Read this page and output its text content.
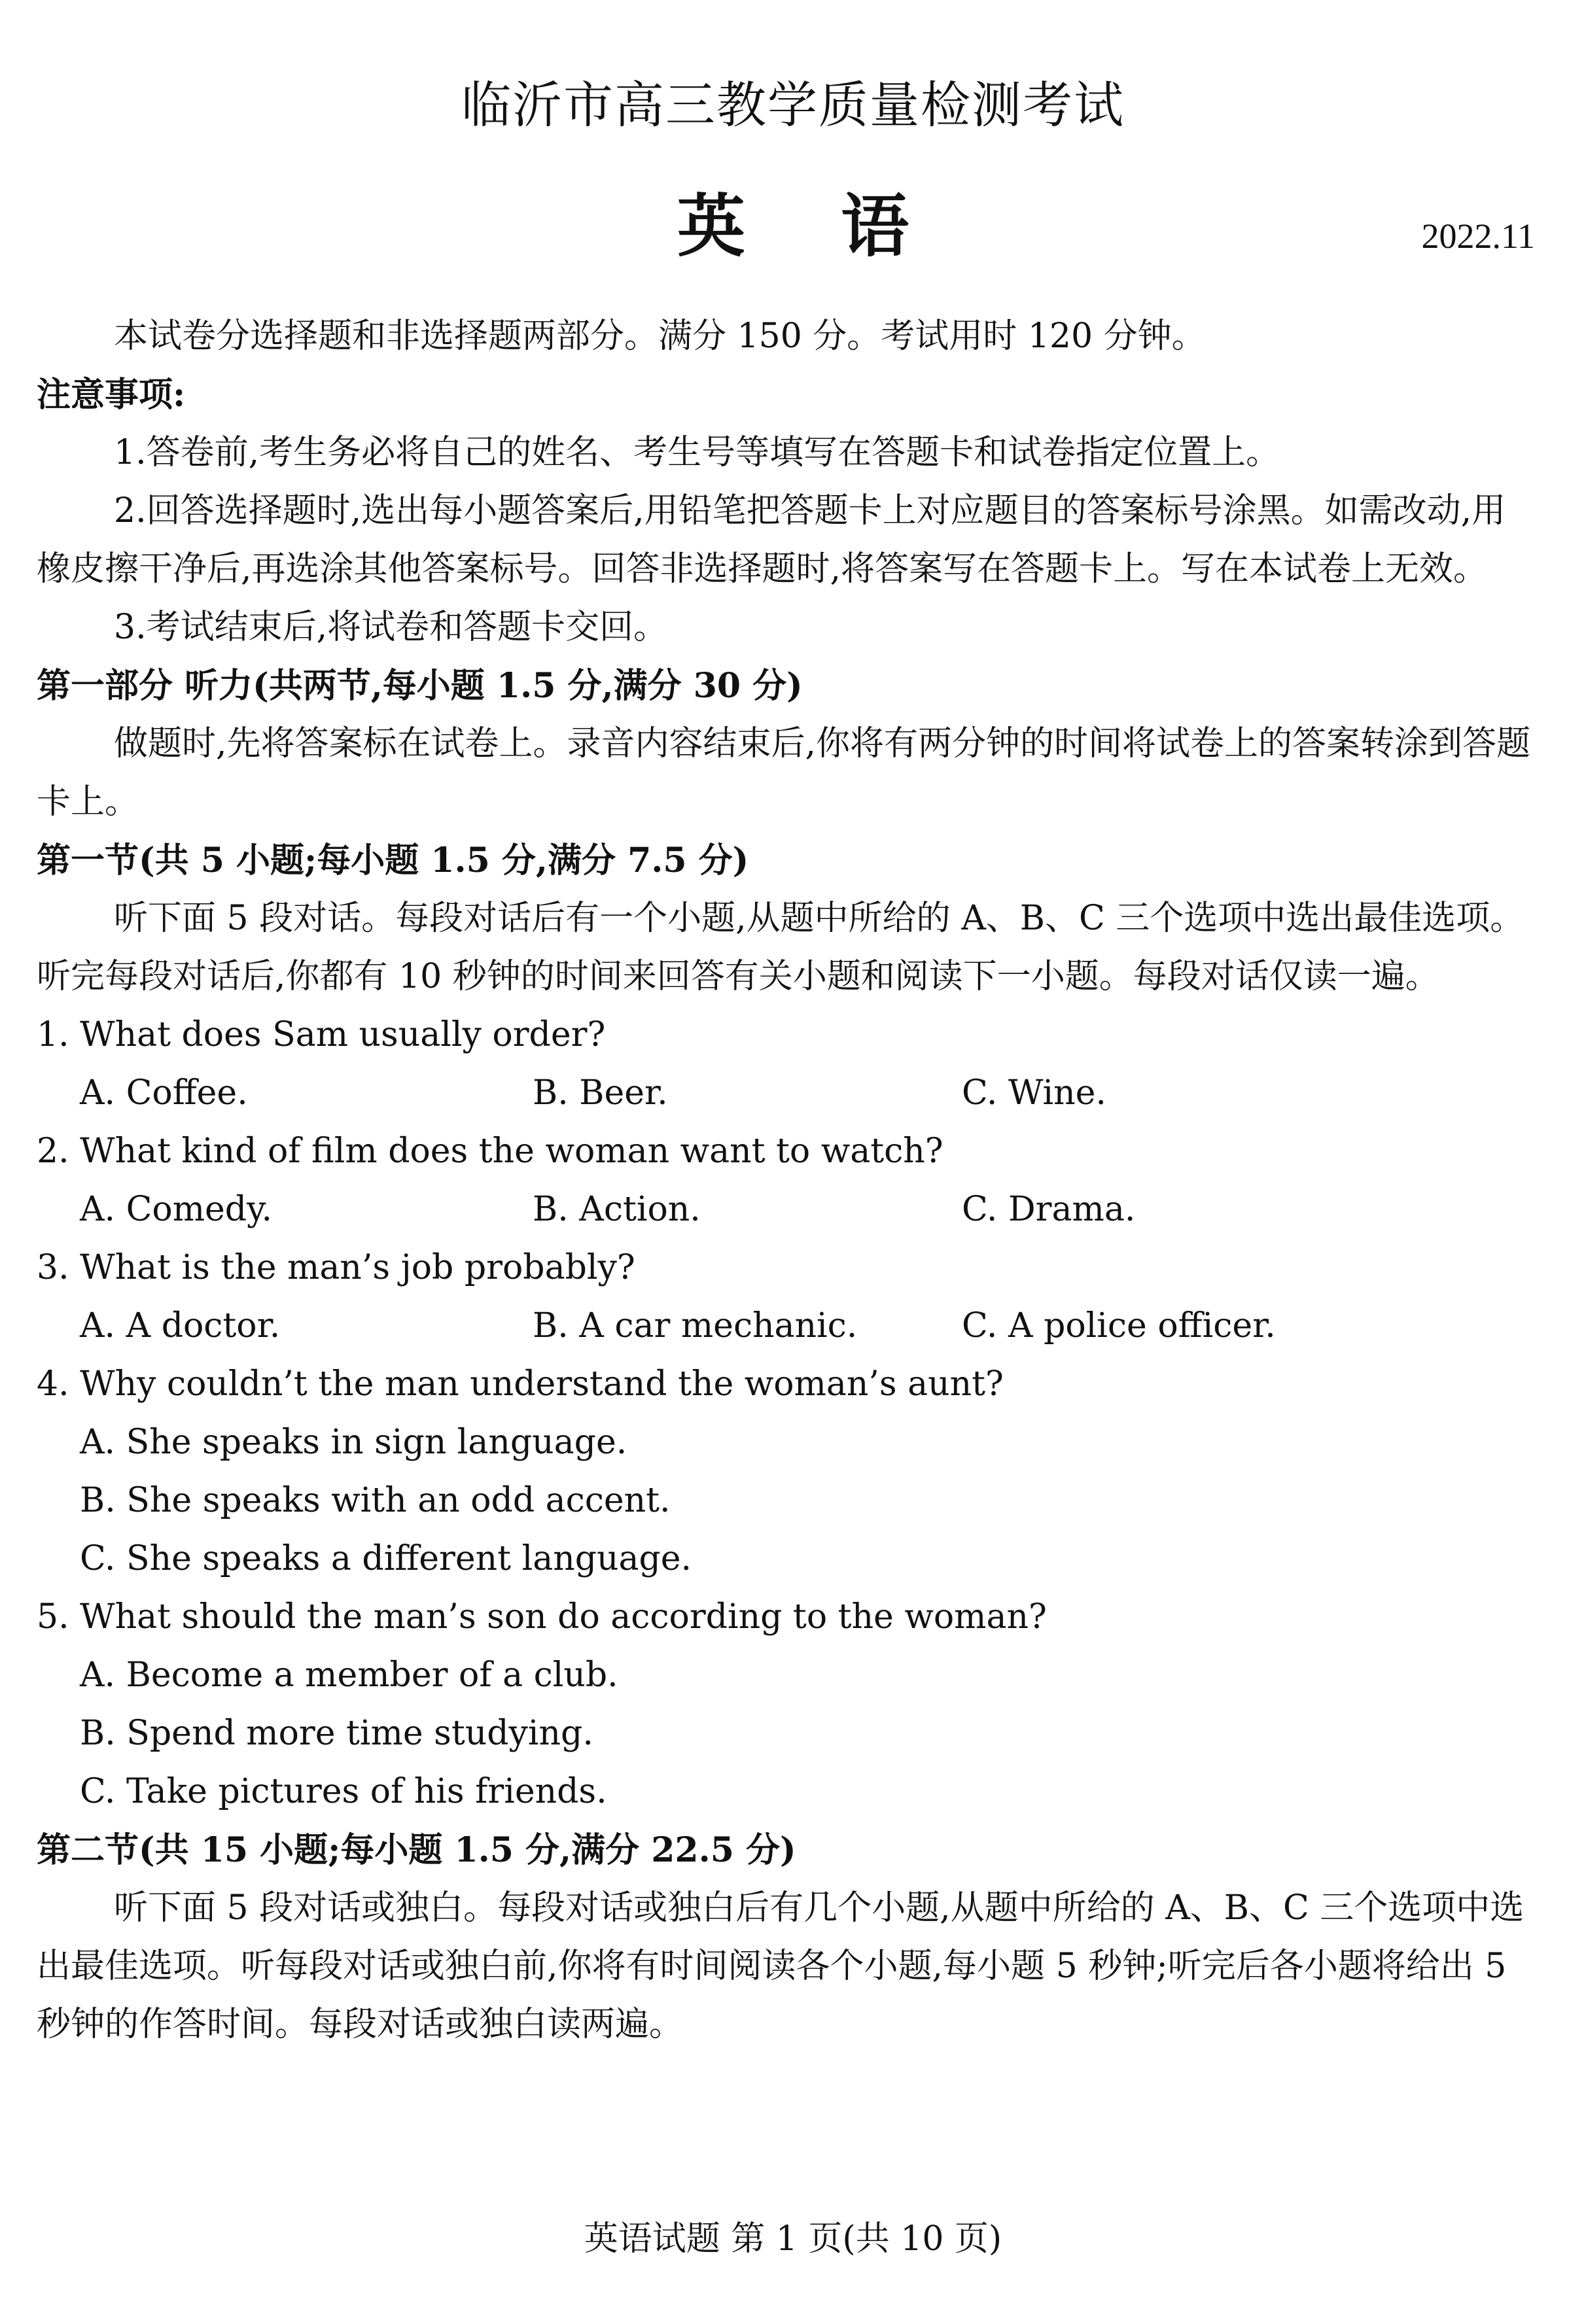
临沂市高三教学质量检测考试
英 语	2022.11

本试卷分选择题和非选择题两部分。满分 150 分。考试用时 120 分钟。

注意事项:

1.答卷前,考生务必将自己的姓名、考生号等填写在答题卡和试卷指定位置上。

2.回答选择题时,选出每小题答案后,用铅笔把答题卡上对应题目的答案标号涂黑。如需改动,用橡皮擦干净后,再选涂其他答案标号。回答非选择题时,将答案写在答题卡上。写在本试卷上无效。

3.考试结束后,将试卷和答题卡交回。

第一部分 听力(共两节,每小题 1.5 分,满分 30 分)

做题时,先将答案标在试卷上。录音内容结束后,你将有两分钟的时间将试卷上的答案转涂到答题卡上。

第一节(共 5 小题;每小题 1.5 分,满分 7.5 分)

听下面 5 段对话。每段对话后有一个小题,从题中所给的 A、B、C 三个选项中选出最佳选项。听完每段对话后,你都有 10 秒钟的时间来回答有关小题和阅读下一小题。每段对话仅读一遍。

1. What does Sam usually order?

A. Coffee.	B. Beer.	C. Wine.

2. What kind of film does the woman want to watch?

A. Comedy.	B. Action.	C. Drama.

3. What is the man’s job probably?

A. A doctor.	B. A car mechanic.	C. A police officer.

4. Why couldn’t the man understand the woman’s aunt?

A. She speaks in sign language.

B. She speaks with an odd accent.

C. She speaks a different language.

5. What should the man’s son do according to the woman?

A. Become a member of a club.

B. Spend more time studying.

C. Take pictures of his friends.

第二节(共 15 小题;每小题 1.5 分,满分 22.5 分)

听下面 5 段对话或独白。每段对话或独白后有几个小题,从题中所给的 A、B、C 三个选项中选出最佳选项。听每段对话或独白前,你将有时间阅读各个小题,每小题 5 秒钟;听完后各小题将给出 5 秒钟的作答时间。每段对话或独白读两遍。

英语试题 第 1 页(共 10 页)
